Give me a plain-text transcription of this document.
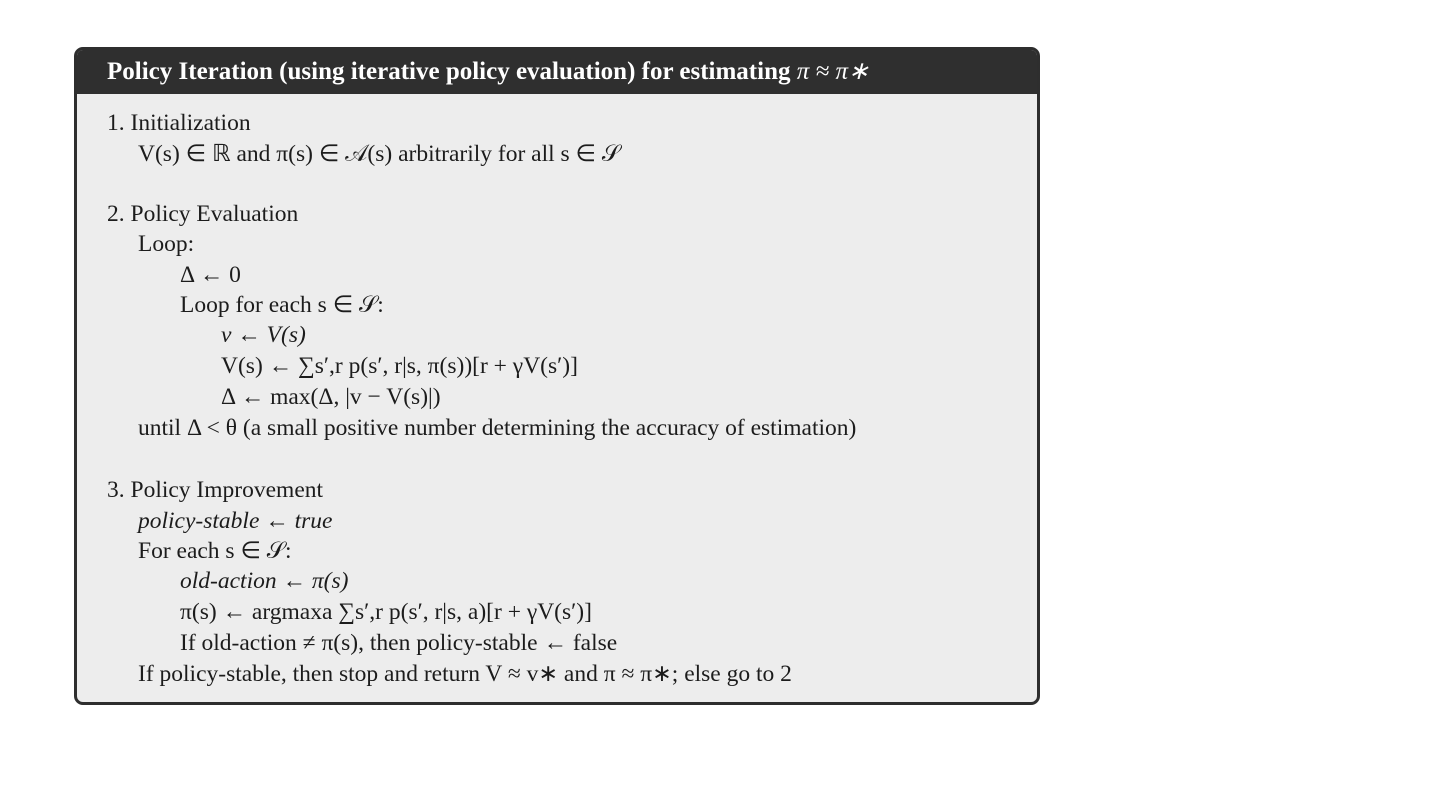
Policy Iteration (using iterative policy evaluation) for estimating π ≈ π∗
1. Initialization
V(s) ∈ ℝ and π(s) ∈ 𝒜(s) arbitrarily for all s ∈ 𝒮
2. Policy Evaluation
Loop:
Δ ← 0
Loop for each s ∈ 𝒮:
v ← V(s)
V(s) ← ∑s′,r p(s′, r|s, π(s))[r + γV(s′)]
Δ ← max(Δ, |v − V(s)|)
until Δ < θ (a small positive number determining the accuracy of estimation)
3. Policy Improvement
policy-stable ← true
For each s ∈ 𝒮:
old-action ← π(s)
π(s) ← argmaxa ∑s′,r p(s′, r|s, a)[r + γV(s′)]
If old-action ≠ π(s), then policy-stable ← false
If policy-stable, then stop and return V ≈ v∗ and π ≈ π∗; else go to 2
